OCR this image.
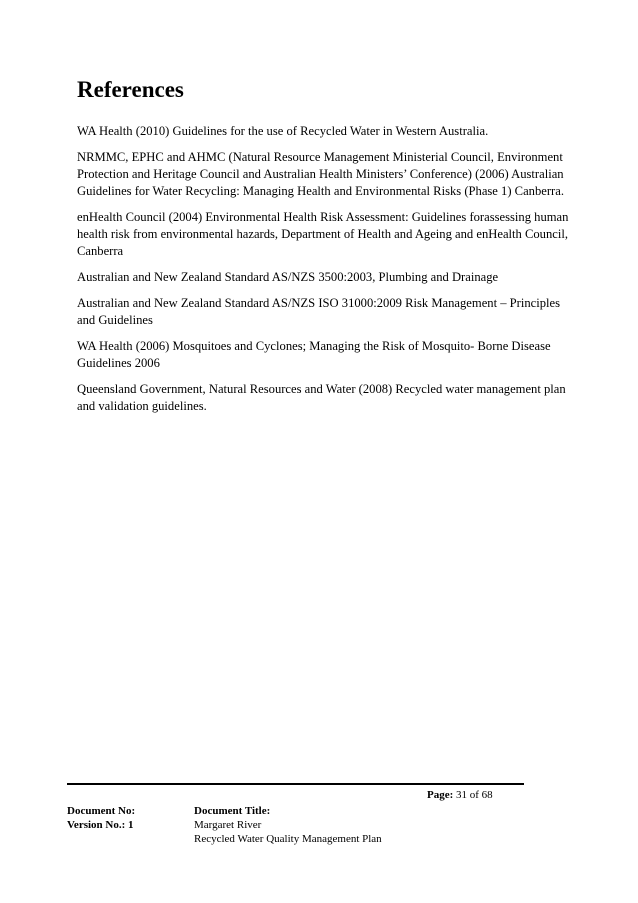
References

WA Health (2010) Guidelines for the use of Recycled Water in Western Australia.

NRMMC, EPHC and AHMC (Natural Resource Management Ministerial Council, Environment Protection and Heritage Council and Australian Health Ministers’ Conference) (2006) Australian Guidelines for Water Recycling: Managing Health and Environmental Risks (Phase 1) Canberra.

enHealth Council (2004) Environmental Health Risk Assessment: Guidelines forassessing human health risk from environmental hazards, Department of Health and Ageing and enHealth Council, Canberra

Australian and New Zealand Standard AS/NZS 3500:2003, Plumbing and Drainage

Australian and New Zealand Standard AS/NZS ISO 31000:2009 Risk Management – Principles and Guidelines

WA Health (2006) Mosquitoes and Cyclones; Managing the Risk of Mosquito- Borne Disease Guidelines 2006

Queensland Government, Natural Resources and Water (2008) Recycled water management plan and validation guidelines.

Page: 31 of 68
Document No:
Version No.: 1
Document Title:
Margaret River
Recycled Water Quality Management Plan
